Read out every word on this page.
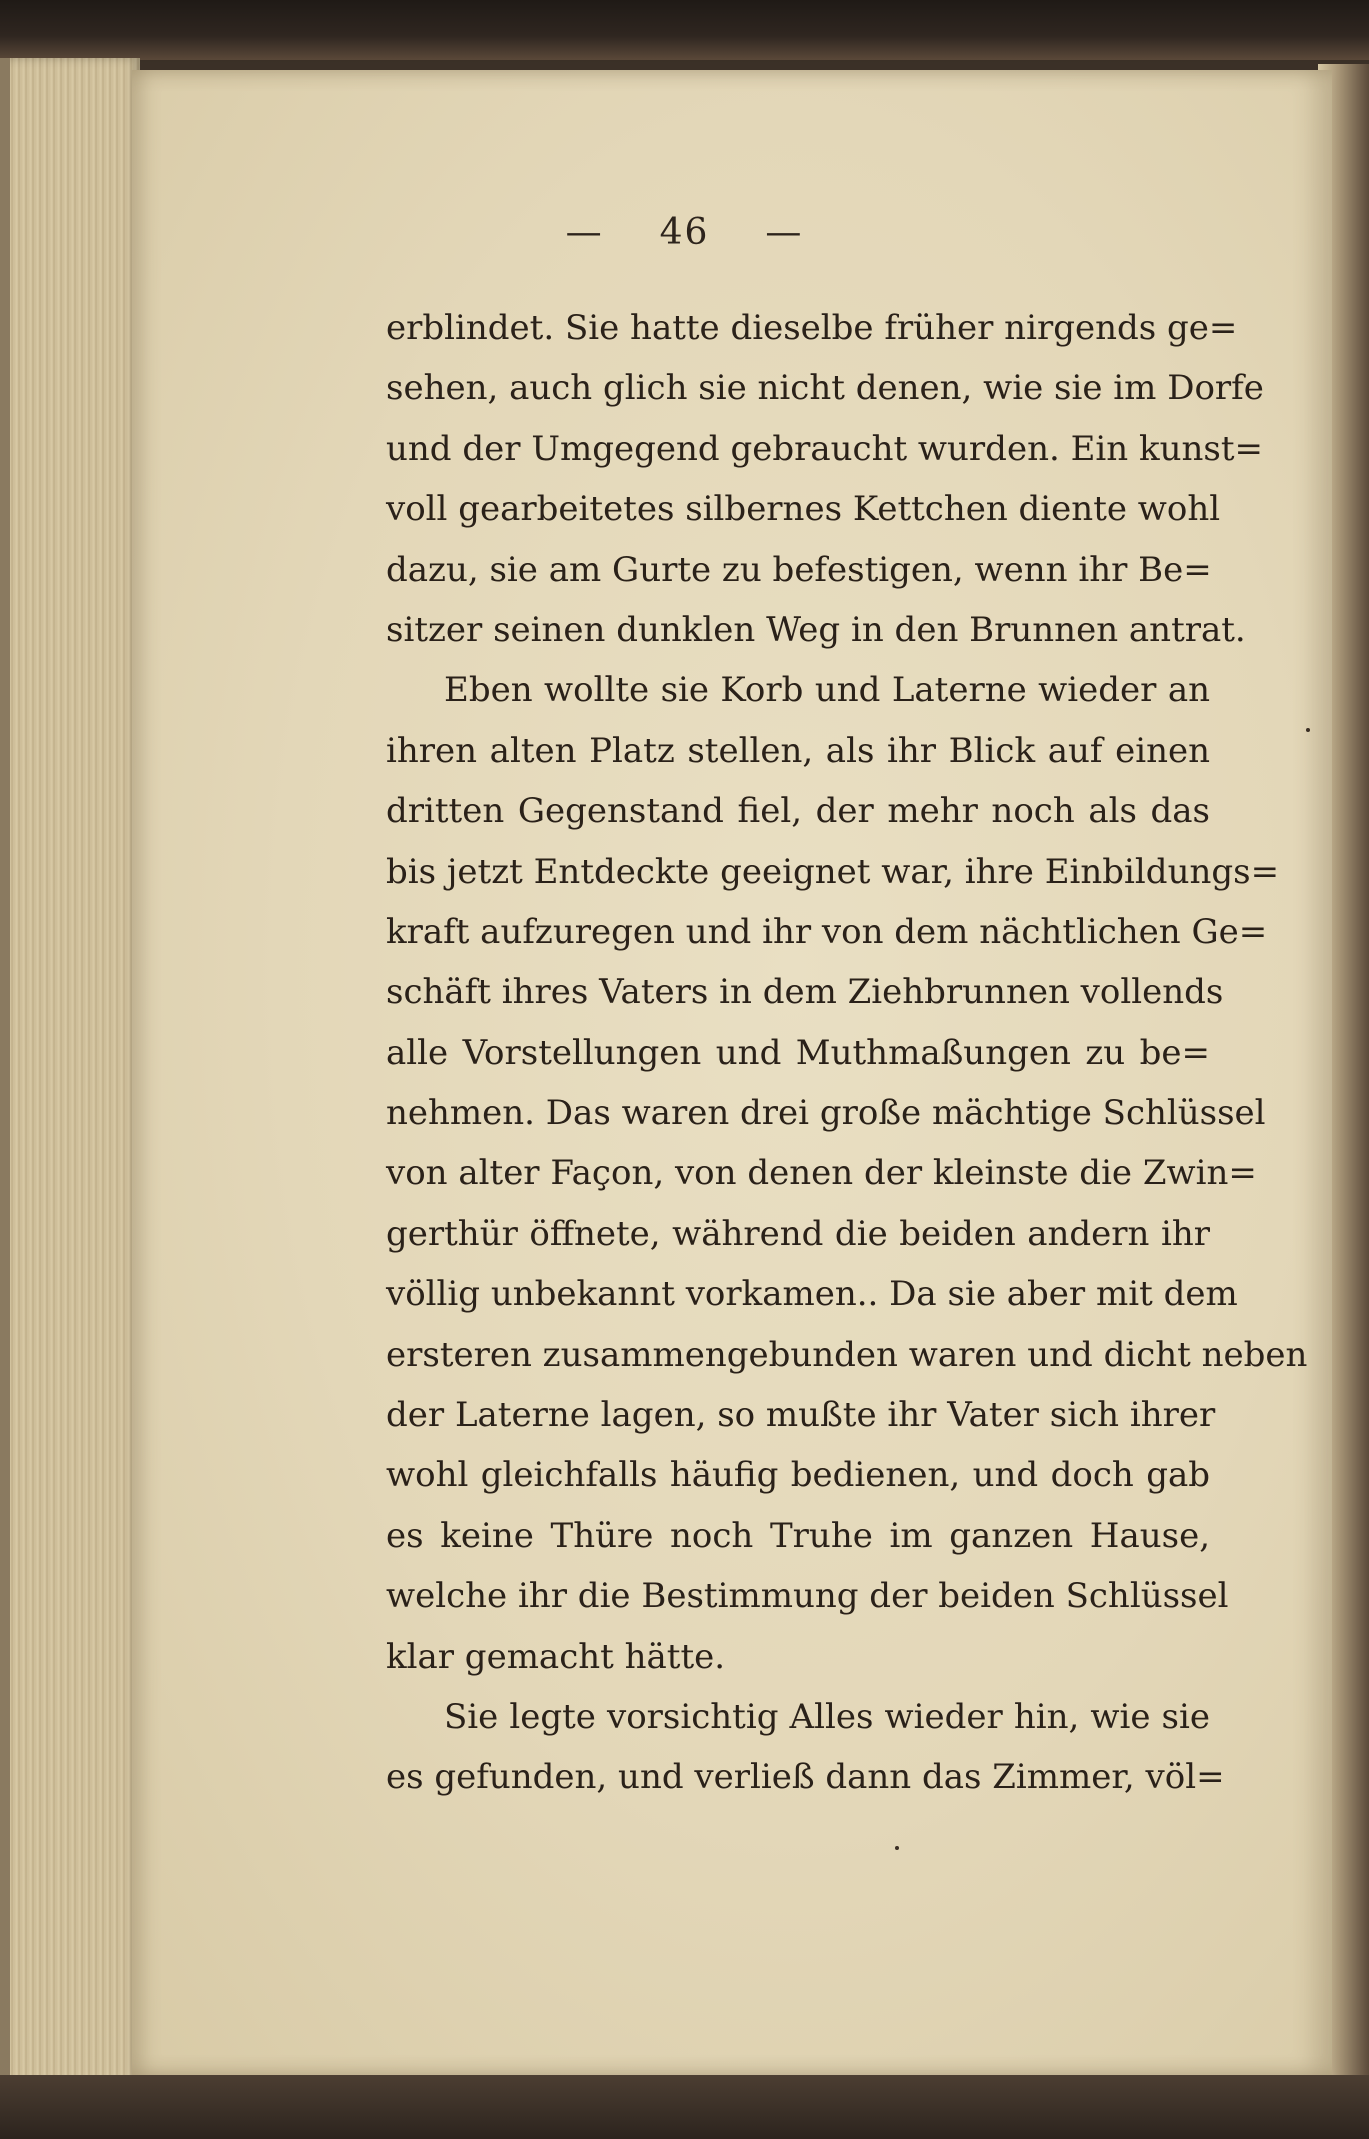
— 46 —
erblindet. Sie hatte dieselbe früher nirgends ge=
sehen, auch glich sie nicht denen, wie sie im Dorfe
und der Umgegend gebraucht wurden. Ein kunst=
voll gearbeitetes silbernes Kettchen diente wohl
dazu, sie am Gurte zu befestigen, wenn ihr Be=
sitzer seinen dunklen Weg in den Brunnen antrat.
Eben wollte sie Korb und Laterne wieder an
ihren alten Platz stellen, als ihr Blick auf einen
dritten Gegenstand fiel, der mehr noch als das
bis jetzt Entdeckte geeignet war, ihre Einbildungs=
kraft aufzuregen und ihr von dem nächtlichen Ge=
schäft ihres Vaters in dem Ziehbrunnen vollends
alle Vorstellungen und Muthmaßungen zu be=
nehmen. Das waren drei große mächtige Schlüssel
von alter Façon, von denen der kleinste die Zwin=
gerthür öffnete, während die beiden andern ihr
völlig unbekannt vorkamen.. Da sie aber mit dem
ersteren zusammengebunden waren und dicht neben
der Laterne lagen, so mußte ihr Vater sich ihrer
wohl gleichfalls häufig bedienen, und doch gab
es keine Thüre noch Truhe im ganzen Hause,
welche ihr die Bestimmung der beiden Schlüssel
klar gemacht hätte.
Sie legte vorsichtig Alles wieder hin, wie sie
es gefunden, und verließ dann das Zimmer, völ=
